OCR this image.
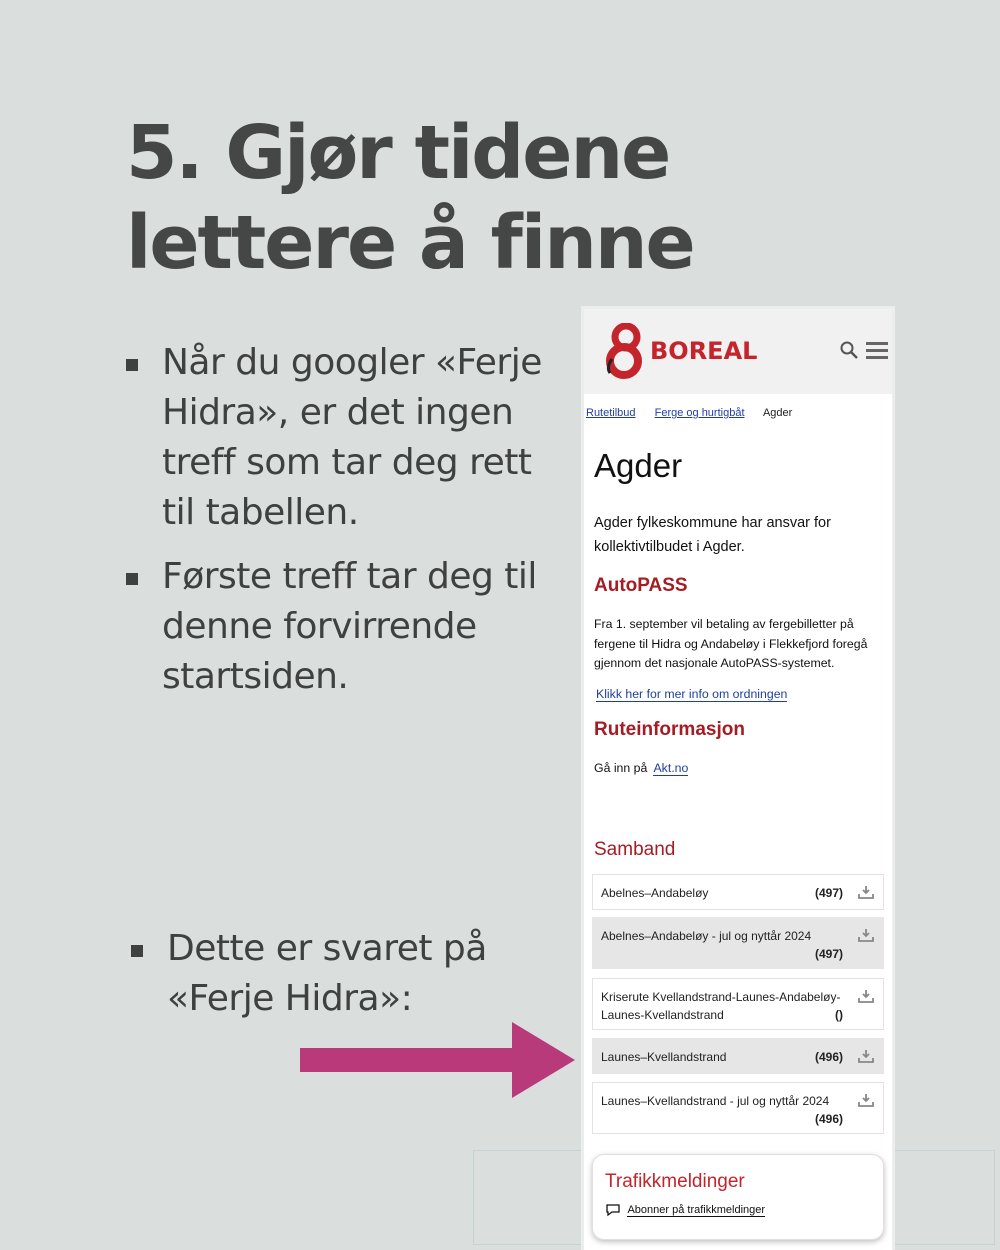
5. Gjør tidene lettere å finne
Når du googler «Ferje Hidra», er det ingen treff som tar deg rett til tabellen.
Første treff tar deg til denne forvirrende startsiden.
Dette er svaret på «Ferje Hidra»:
BOREAL
Rutetilbud Ferge og hurtigbåt Agder
Agder

Agder fylkeskommune har ansvar for kollektivtilbudet i Agder.

AutoPASS

Fra 1. september vil betaling av fergebilletter på fergene til Hidra og Andabeløy i Flekkefjord foregå gjennom det nasjonale AutoPASS-systemet.

Klikk her for mer info om ordningen

Ruteinformasjon

Gå inn på Akt.no

Samband
Abelnes–Andabeløy	(497)
Abelnes–Andabeløy - jul og nyttår 2024
(497)
Kriserute Kvellandstrand-Launes-Andabeløy-Launes-Kvellandstrand	()
Launes–Kvellandstrand	(496)
Launes–Kvellandstrand - jul og nyttår 2024
(496)
Trafikkmeldinger
Abonner på trafikkmeldinger
